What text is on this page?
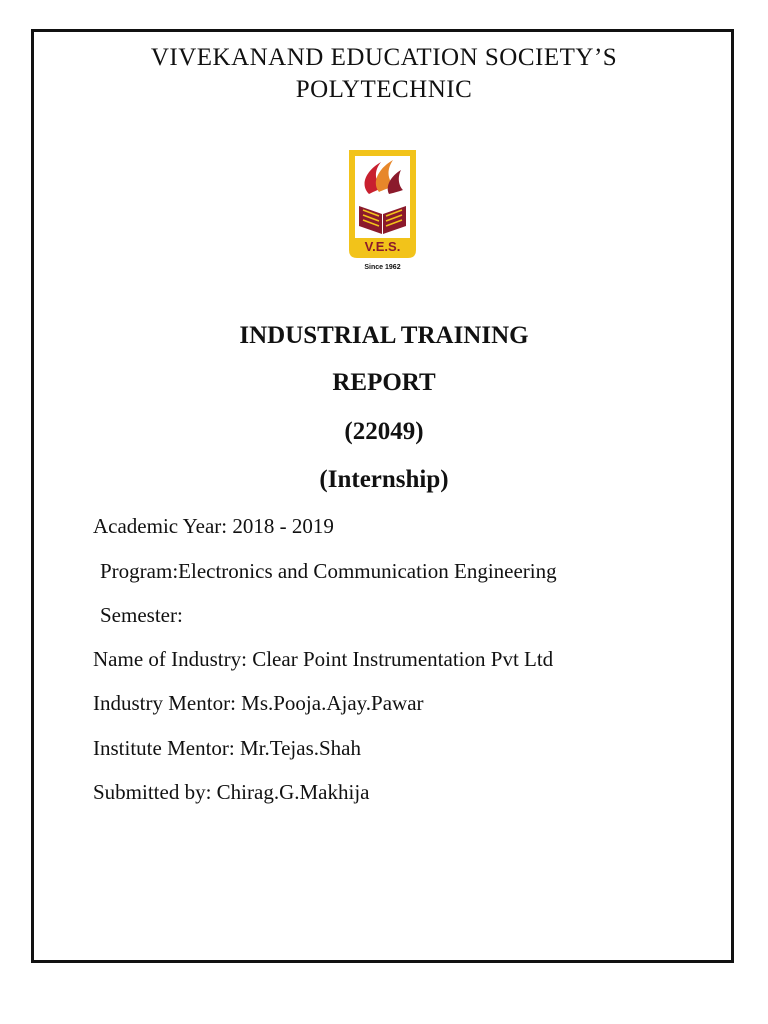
VIVEKANAND EDUCATION SOCIETY’S
POLYTECHNIC
V.E.S.
Since 1962
INDUSTRIAL TRAINING
REPORT
(22049)
(Internship)
Academic Year: 2018 - 2019
Program:Electronics and Communication Engineering
Semester:
Name of Industry: Clear Point Instrumentation Pvt Ltd
Industry Mentor: Ms.Pooja.Ajay.Pawar
Institute Mentor: Mr.Tejas.Shah
Submitted by: Chirag.G.Makhija
